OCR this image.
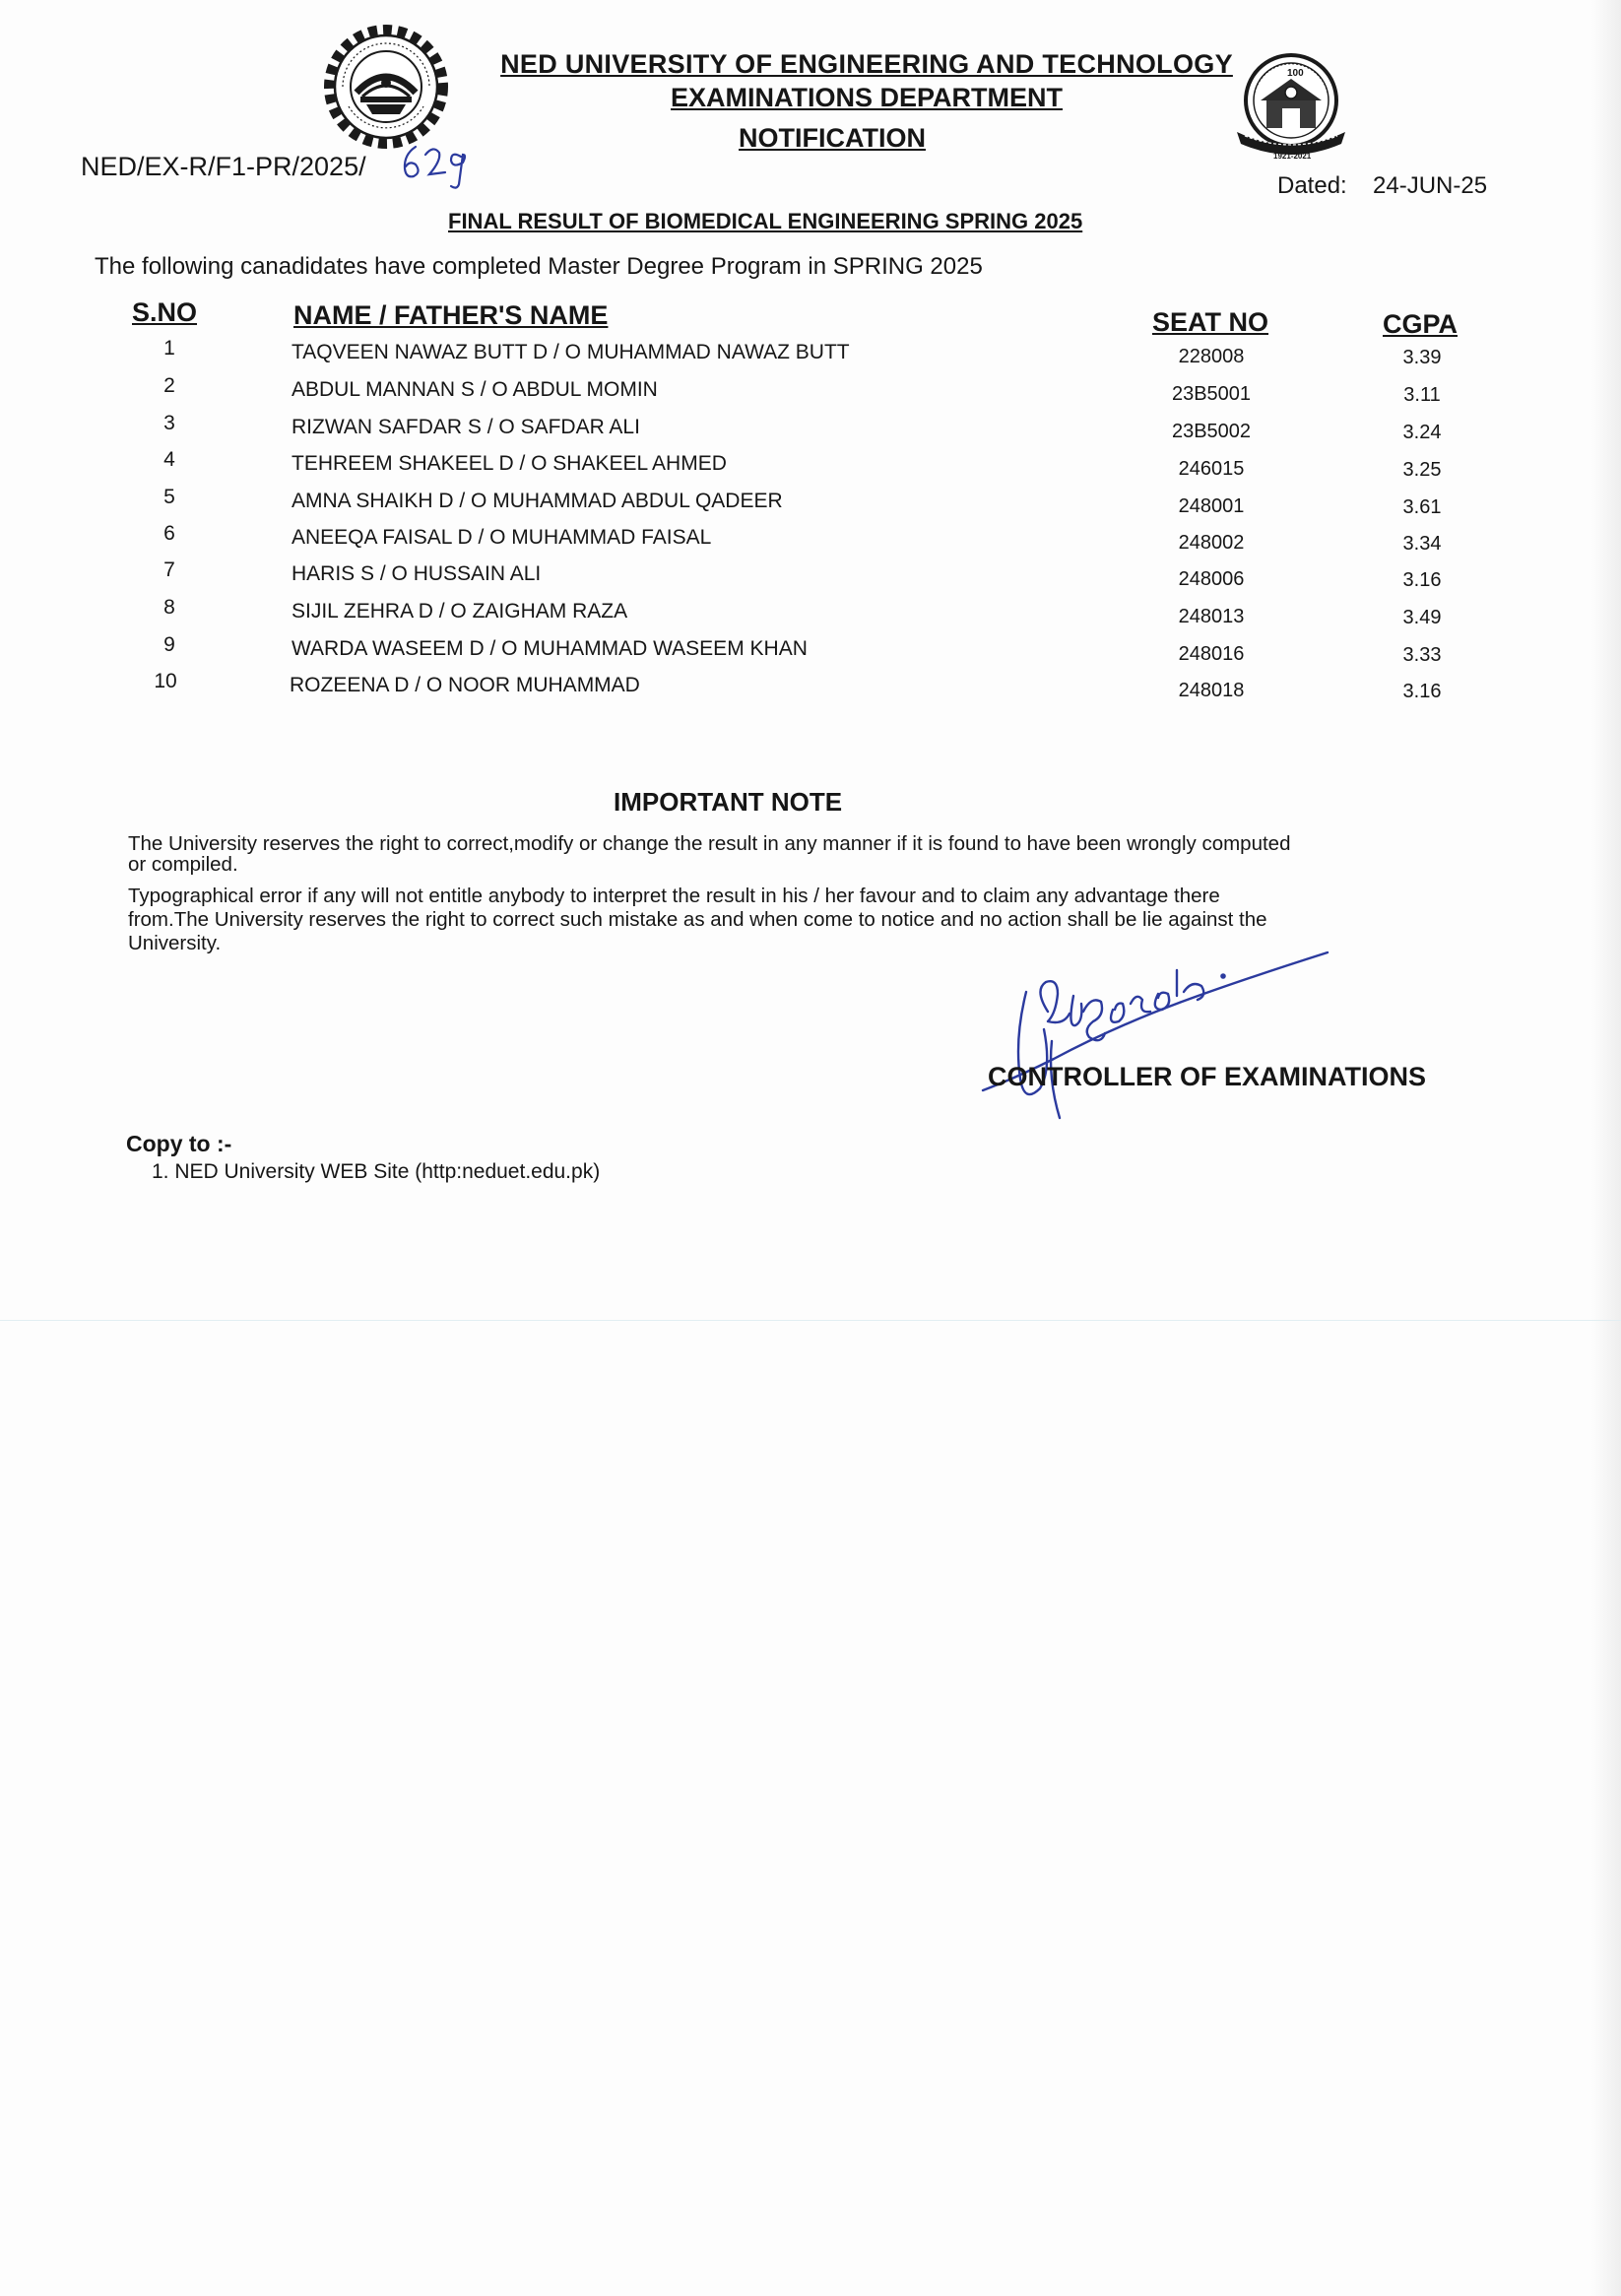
1921-2021
100
NED UNIVERSITY OF ENGINEERING AND TECHNOLOGY
EXAMINATIONS DEPARTMENT
NOTIFICATION
NED/EX-R/F1-PR/2025/
Dated: 24-JUN-25
FINAL RESULT OF BIOMEDICAL ENGINEERING SPRING 2025
The following canadidates have completed Master Degree Program in SPRING 2025
S.NO	NAME / FATHER'S NAME	SEAT NO	CGPA
1	TAQVEEN NAWAZ BUTT D / O MUHAMMAD NAWAZ BUTT	228008	3.39
2	ABDUL MANNAN S / O ABDUL MOMIN	23B5001	3.11
3	RIZWAN SAFDAR S / O SAFDAR ALI	23B5002	3.24
4	TEHREEM SHAKEEL D / O SHAKEEL AHMED	246015	3.25
5	AMNA SHAIKH D / O MUHAMMAD ABDUL QADEER	248001	3.61
6	ANEEQA FAISAL D / O MUHAMMAD FAISAL	248002	3.34
7	HARIS S / O HUSSAIN ALI	248006	3.16
8	SIJIL ZEHRA D / O ZAIGHAM RAZA	248013	3.49
9	WARDA WASEEM D / O MUHAMMAD WASEEM KHAN	248016	3.33
10	ROZEENA D / O NOOR MUHAMMAD	248018	3.16
IMPORTANT NOTE
The University reserves the right to correct,modify or change the result in any manner if it is found to have been wrongly computed or compiled.
Typographical error if any will not entitle anybody to interpret the result in his / her favour and to claim any advantage there from.The University reserves the right to correct such mistake as and when come to notice and no action shall be lie against the University.
CONTROLLER OF EXAMINATIONS
Copy to :-
1. NED University WEB Site (http:neduet.edu.pk)
